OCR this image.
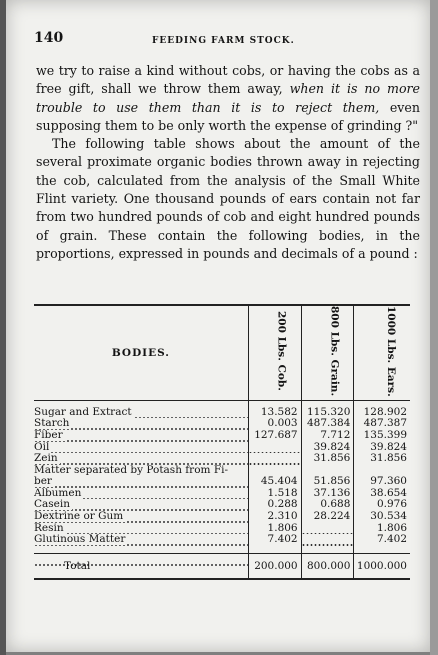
140	FEEDING FARM STOCK.

we try to raise a kind without cobs, or having the cobs as a free gift, shall we throw them away, when it is no more trouble to use them than it is to reject them, even supposing them to be only worth the expense of grinding ?"

The following table shows about the amount of the several proximate organic bodies thrown away in rejecting the cob, calculated from the analysis of the Small White Flint variety. One thousand pounds of ears contain not far from two hundred pounds of cob and eight hundred pounds of grain. These contain the following bodies, in the proportions, expressed in pounds and decimals of a pound :

BODIES.	200 Lbs. Cob.	800 Lbs. Grain.	1000 Lbs. Ears.

Sugar and Extract	13.582	115.320	128.902
Starch	0.003	487.384	487.387
Fiber	127.687	7.712	135.399
Oil		39.824	39.824
Zein		31.856	31.856
Matter separated by Potash from Fi-			
ber	45.404	51.856	97.360
Albumen	1.518	37.136	38.654
Casein	0.288	0.688	0.976
Dextrine or Gum	2.310	28.224	30.534
Resin	1.806		1.806
Glutinous Matter	7.402		7.402

Total	200.000	800.000	1000.000
